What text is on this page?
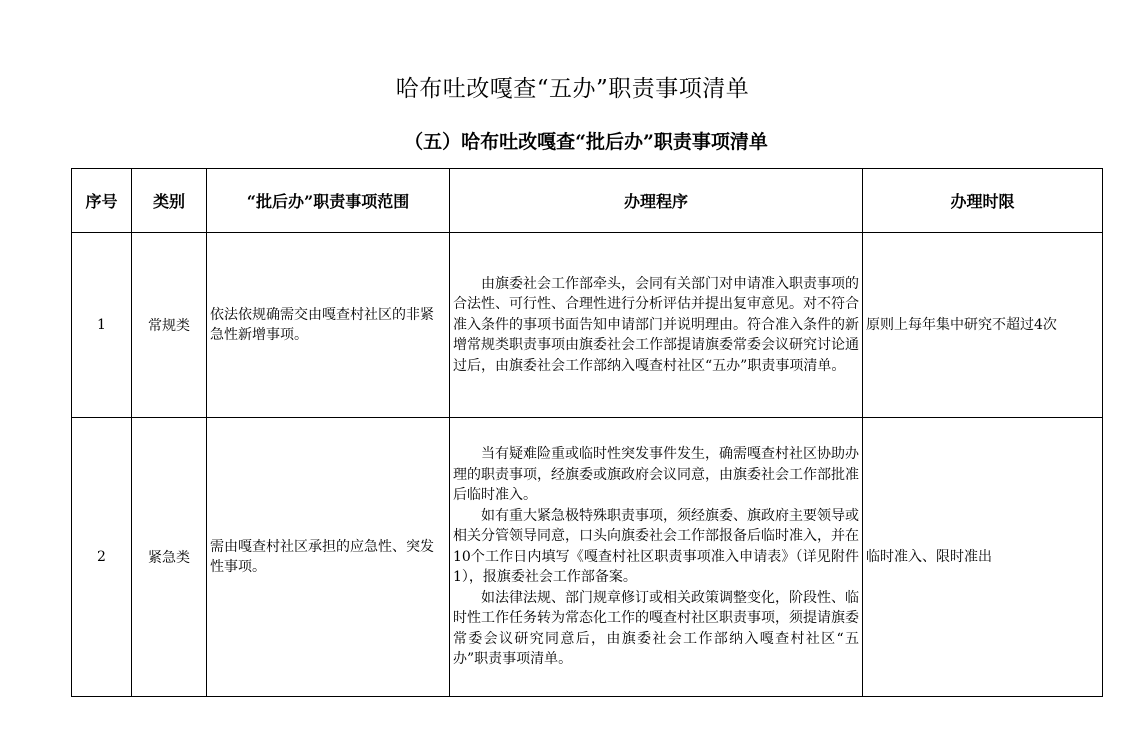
哈布吐改嘎查“五办”职责事项清单
（五）哈布吐改嘎查“批后办”职责事项清单
序号	类别	“批后办”职责事项范围	办理程序	办理时限
1	常规类	依法依规确需交由嘎查村社区的非紧急性新增事项。	由旗委社会工作部牵头，会同有关部门对申请准入职责事项的合法性、可行性、合理性进行分析评估并提出复审意见。对不符合准入条件的事项书面告知申请部门并说明理由。符合准入条件的新增常规类职责事项由旗委社会工作部提请旗委常委会议研究讨论通过后，由旗委社会工作部纳入嘎查村社区“五办”职责事项清单。	原则上每年集中研究不超过4次
2	紧急类	需由嘎查村社区承担的应急性、突发性事项。	当有疑难险重或临时性突发事件发生，确需嘎查村社区协助办理的职责事项，经旗委或旗政府会议同意，由旗委社会工作部批准后临时准入。

如有重大紧急极特殊职责事项，须经旗委、旗政府主要领导或相关分管领导同意，口头向旗委社会工作部报备后临时准入，并在10个工作日内填写《嘎查村社区职责事项准入申请表》（详见附件1），报旗委社会工作部备案。

如法律法规、部门规章修订或相关政策调整变化，阶段性、临时性工作任务转为常态化工作的嘎查村社区职责事项，须提请旗委常委会议研究同意后，由旗委社会工作部纳入嘎查村社区“五办”职责事项清单。	临时准入、限时准出
